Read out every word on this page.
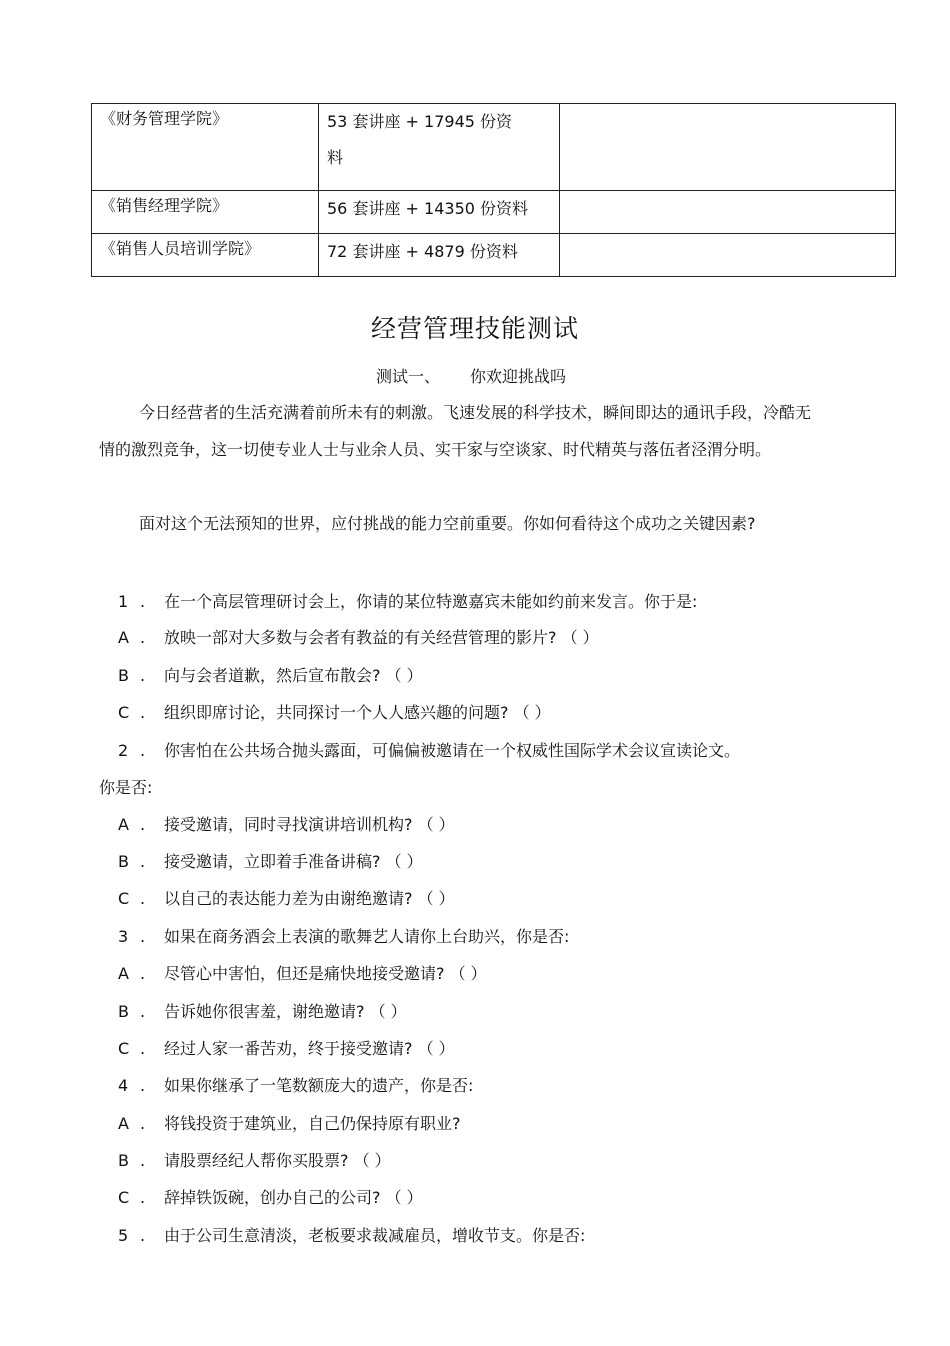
《财务管理学院》	53 套讲座 + 17945 份资
料	

《销售经理学院》	56 套讲座 + 14350 份资料	
《销售人员培训学院》	72 套讲座 + 4879 份资料	
经营管理技能测试
测试一、 你欢迎挑战吗
今日经营者的生活充满着前所未有的刺激。飞速发展的科学技术，瞬间即达的通讯手段，冷酷无情的激烈竞争，这一切使专业人士与业余人员、实干家与空谈家、时代精英与落伍者泾渭分明。
面对这个无法预知的世界，应付挑战的能力空前重要。你如何看待这个成功之关键因素?
1 . 在一个高层管理研讨会上，你请的某位特邀嘉宾未能如约前来发言。你于是:
A . 放映一部对大多数与会者有教益的有关经营管理的影片? （ ）
B . 向与会者道歉，然后宣布散会? （ ）
C . 组织即席讨论，共同探讨一个人人感兴趣的问题? （ ）
2 . 你害怕在公共场合抛头露面，可偏偏被邀请在一个权威性国际学术会议宣读论文。
你是否:
A . 接受邀请，同时寻找演讲培训机构? （ ）
B . 接受邀请，立即着手准备讲稿? （ ）
C . 以自己的表达能力差为由谢绝邀请? （ ）
3 . 如果在商务酒会上表演的歌舞艺人请你上台助兴，你是否:
A . 尽管心中害怕，但还是痛快地接受邀请? （ ）
B . 告诉她你很害羞，谢绝邀请? （ ）
C . 经过人家一番苦劝，终于接受邀请? （ ）
4 . 如果你继承了一笔数额庞大的遗产，你是否:
A . 将钱投资于建筑业，自己仍保持原有职业?
B . 请股票经纪人帮你买股票? （ ）
C . 辞掉铁饭碗，创办自己的公司? （ ）
5 . 由于公司生意清淡，老板要求裁减雇员，增收节支。你是否:
